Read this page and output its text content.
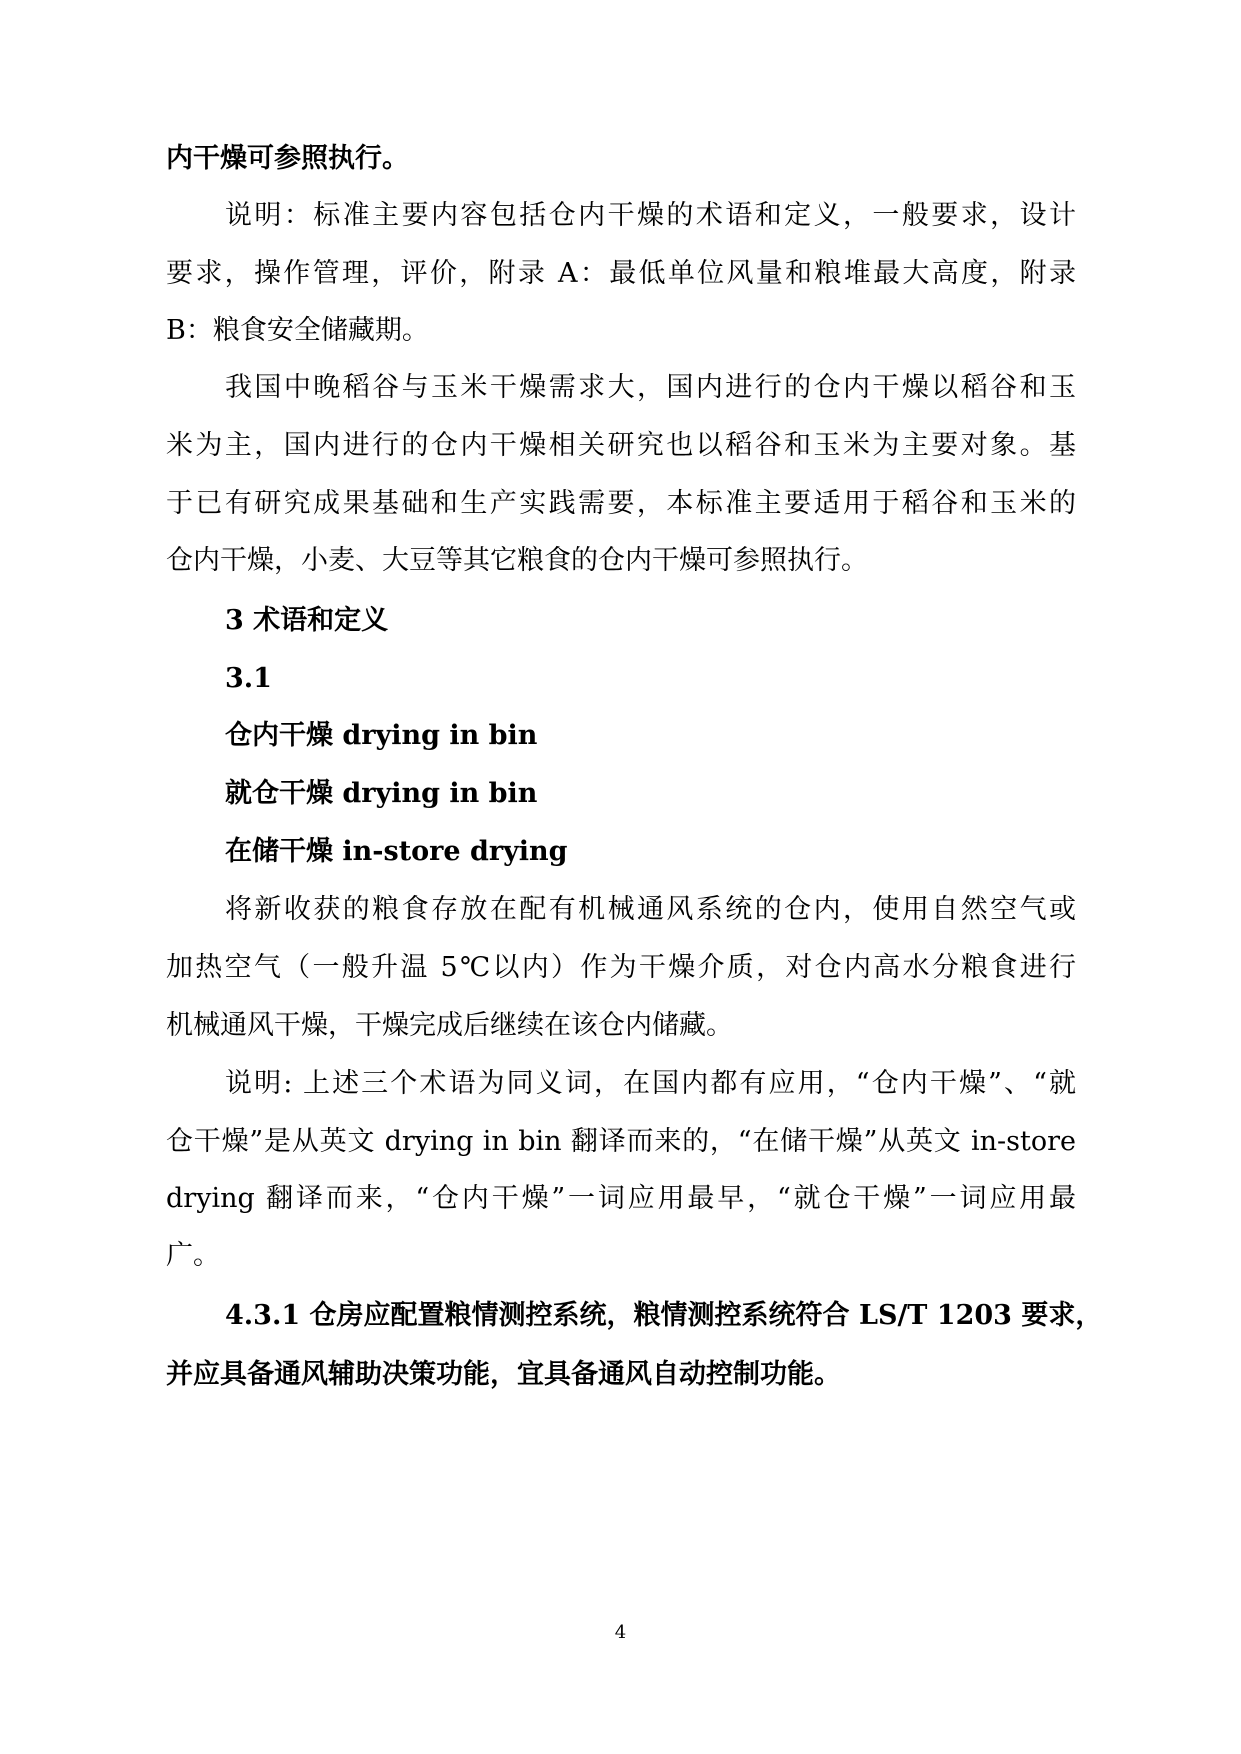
内干燥可参照执行。
说明：标准主要内容包括仓内干燥的术语和定义，一般要求，设计
要求，操作管理，评价，附录 A：最低单位风量和粮堆最大高度，附录
B：粮食安全储藏期。
我国中晚稻谷与玉米干燥需求大，国内进行的仓内干燥以稻谷和玉
米为主，国内进行的仓内干燥相关研究也以稻谷和玉米为主要对象。基
于已有研究成果基础和生产实践需要，本标准主要适用于稻谷和玉米的
仓内干燥，小麦、大豆等其它粮食的仓内干燥可参照执行。
3 术语和定义
3.1
仓内干燥 drying in bin
就仓干燥 drying in bin
在储干燥 in-store drying
将新收获的粮食存放在配有机械通风系统的仓内，使用自然空气或
加热空气（一般升温 5℃以内）作为干燥介质，对仓内高水分粮食进行
机械通风干燥，干燥完成后继续在该仓内储藏。
说明: 上述三个术语为同义词，在国内都有应用，“仓内干燥”、“就
仓干燥”是从英文 drying in bin 翻译而来的，“在储干燥”从英文 in-store
drying 翻译而来，“仓内干燥”一词应用最早，“就仓干燥”一词应用最
广。
4.3.1 仓房应配置粮情测控系统，粮情测控系统符合 LS/T 1203 要求，
并应具备通风辅助决策功能，宜具备通风自动控制功能。
4
